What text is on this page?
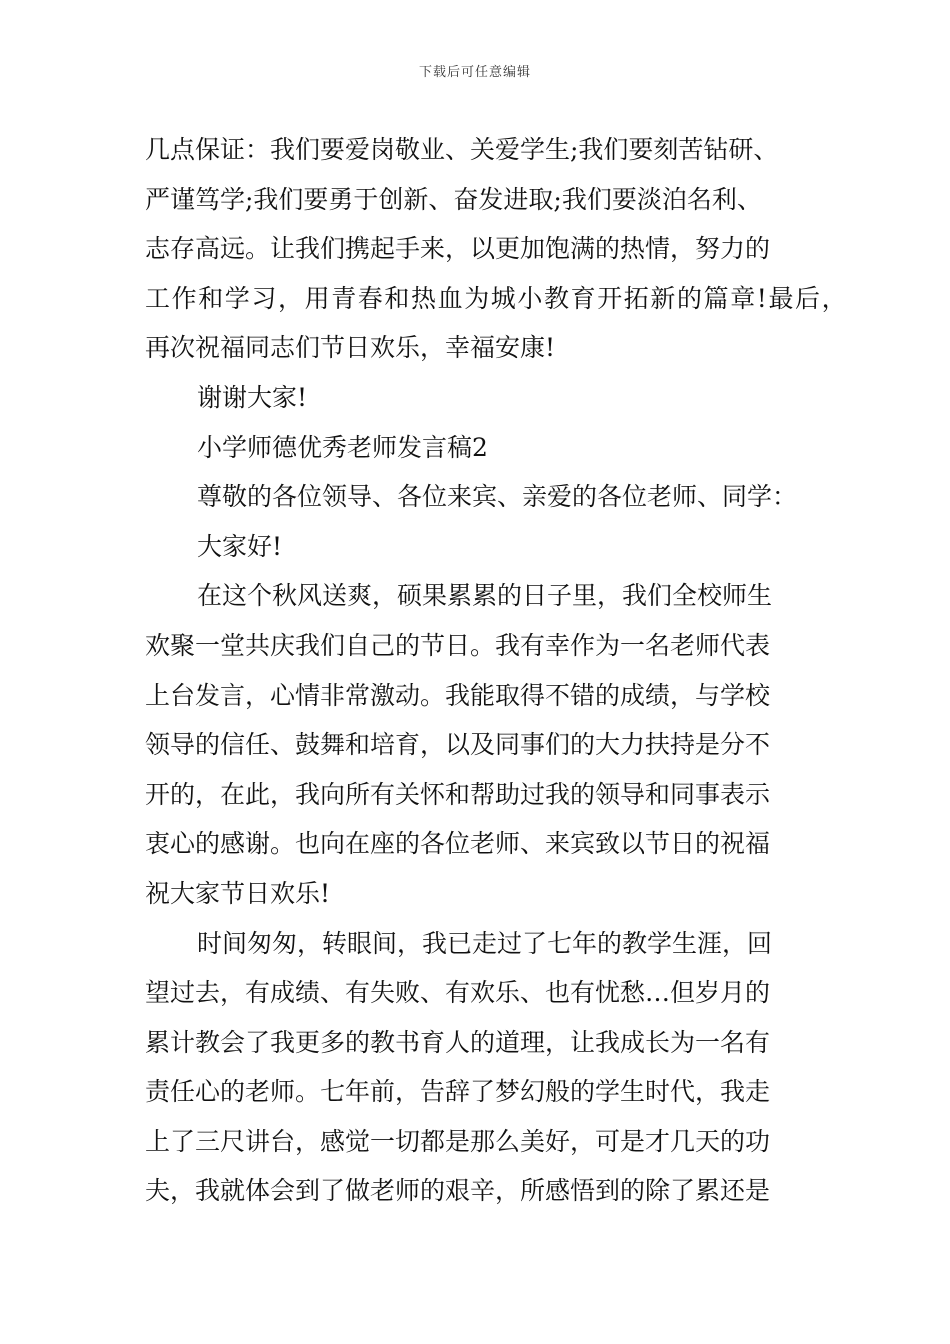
下载后可任意编辑
几点保证：我们要爱岗敬业、关爱学生;我们要刻苦钻研、
严谨笃学;我们要勇于创新、奋发进取;我们要淡泊名利、
志存高远。让我们携起手来，以更加饱满的热情，努力的
工作和学习，用青春和热血为城小教育开拓新的篇章!最后，
再次祝福同志们节日欢乐，幸福安康!
谢谢大家!
小学师德优秀老师发言稿2
尊敬的各位领导、各位来宾、亲爱的各位老师、同学：
大家好!
在这个秋风送爽，硕果累累的日子里，我们全校师生
欢聚一堂共庆我们自己的节日。我有幸作为一名老师代表
上台发言，心情非常激动。我能取得不错的成绩，与学校
领导的信任、鼓舞和培育，以及同事们的大力扶持是分不
开的，在此，我向所有关怀和帮助过我的领导和同事表示
衷心的感谢。也向在座的各位老师、来宾致以节日的祝福
祝大家节日欢乐!
时间匆匆，转眼间，我已走过了七年的教学生涯，回
望过去，有成绩、有失败、有欢乐、也有忧愁…但岁月的
累计教会了我更多的教书育人的道理，让我成长为一名有
责任心的老师。七年前，告辞了梦幻般的学生时代，我走
上了三尺讲台，感觉一切都是那么美好，可是才几天的功
夫，我就体会到了做老师的艰辛，所感悟到的除了累还是
